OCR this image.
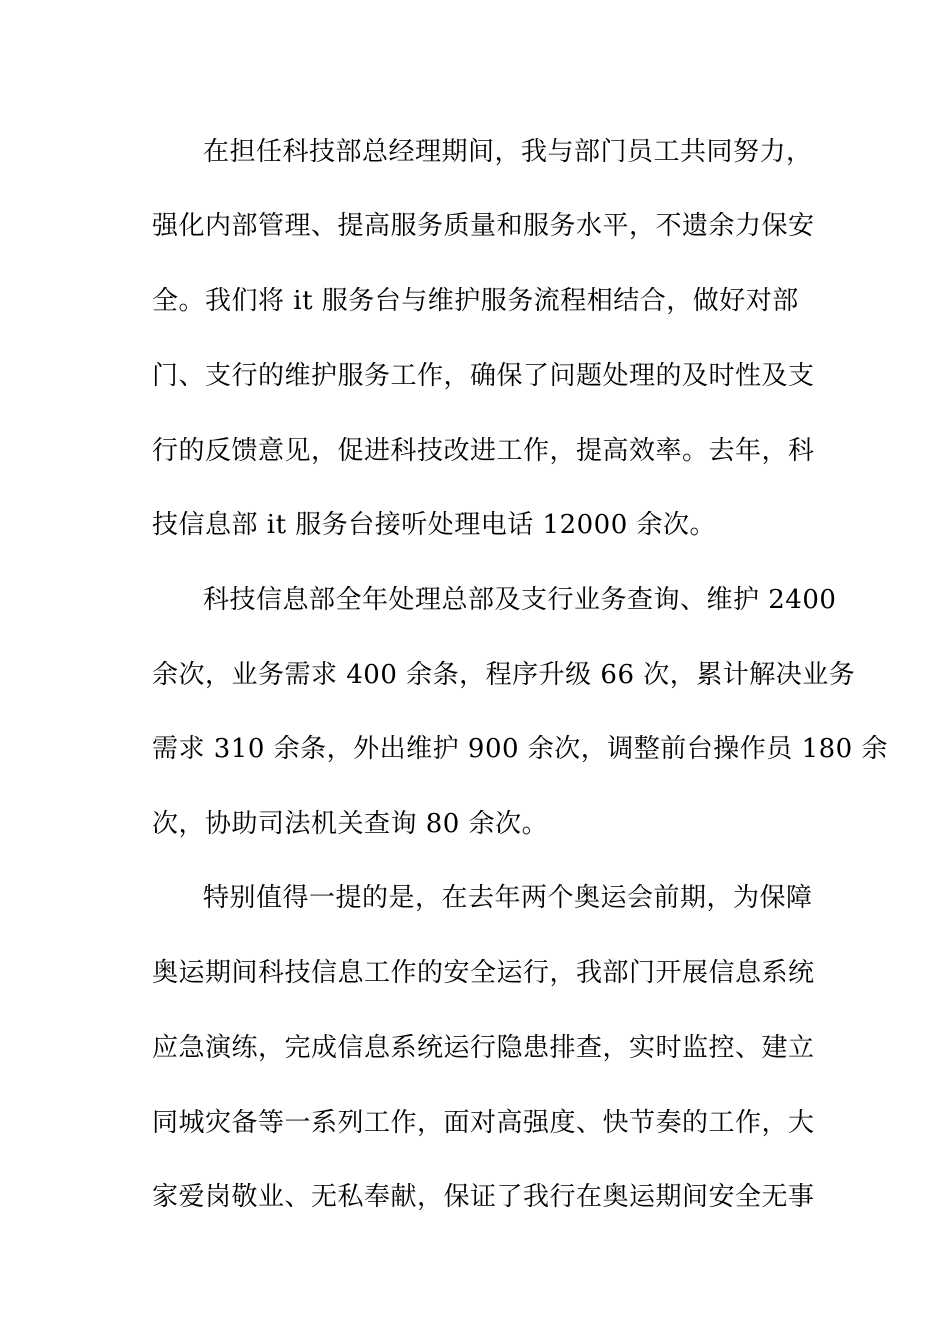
在担任科技部总经理期间，我与部门员工共同努力，
强化内部管理、提高服务质量和服务水平，不遗余力保安
全。我们将 it 服务台与维护服务流程相结合，做好对部
门、支行的维护服务工作，确保了问题处理的及时性及支
行的反馈意见，促进科技改进工作，提高效率。去年，科
技信息部 it 服务台接听处理电话 12000 余次。
科技信息部全年处理总部及支行业务查询、维护 2400
余次，业务需求 400 余条，程序升级 66 次，累计解决业务
需求 310 余条，外出维护 900 余次，调整前台操作员 180 余
次，协助司法机关查询 80 余次。
特别值得一提的是，在去年两个奥运会前期，为保障
奥运期间科技信息工作的安全运行，我部门开展信息系统
应急演练，完成信息系统运行隐患排查，实时监控、建立
同城灾备等一系列工作，面对高强度、快节奏的工作，大
家爱岗敬业、无私奉献，保证了我行在奥运期间安全无事
